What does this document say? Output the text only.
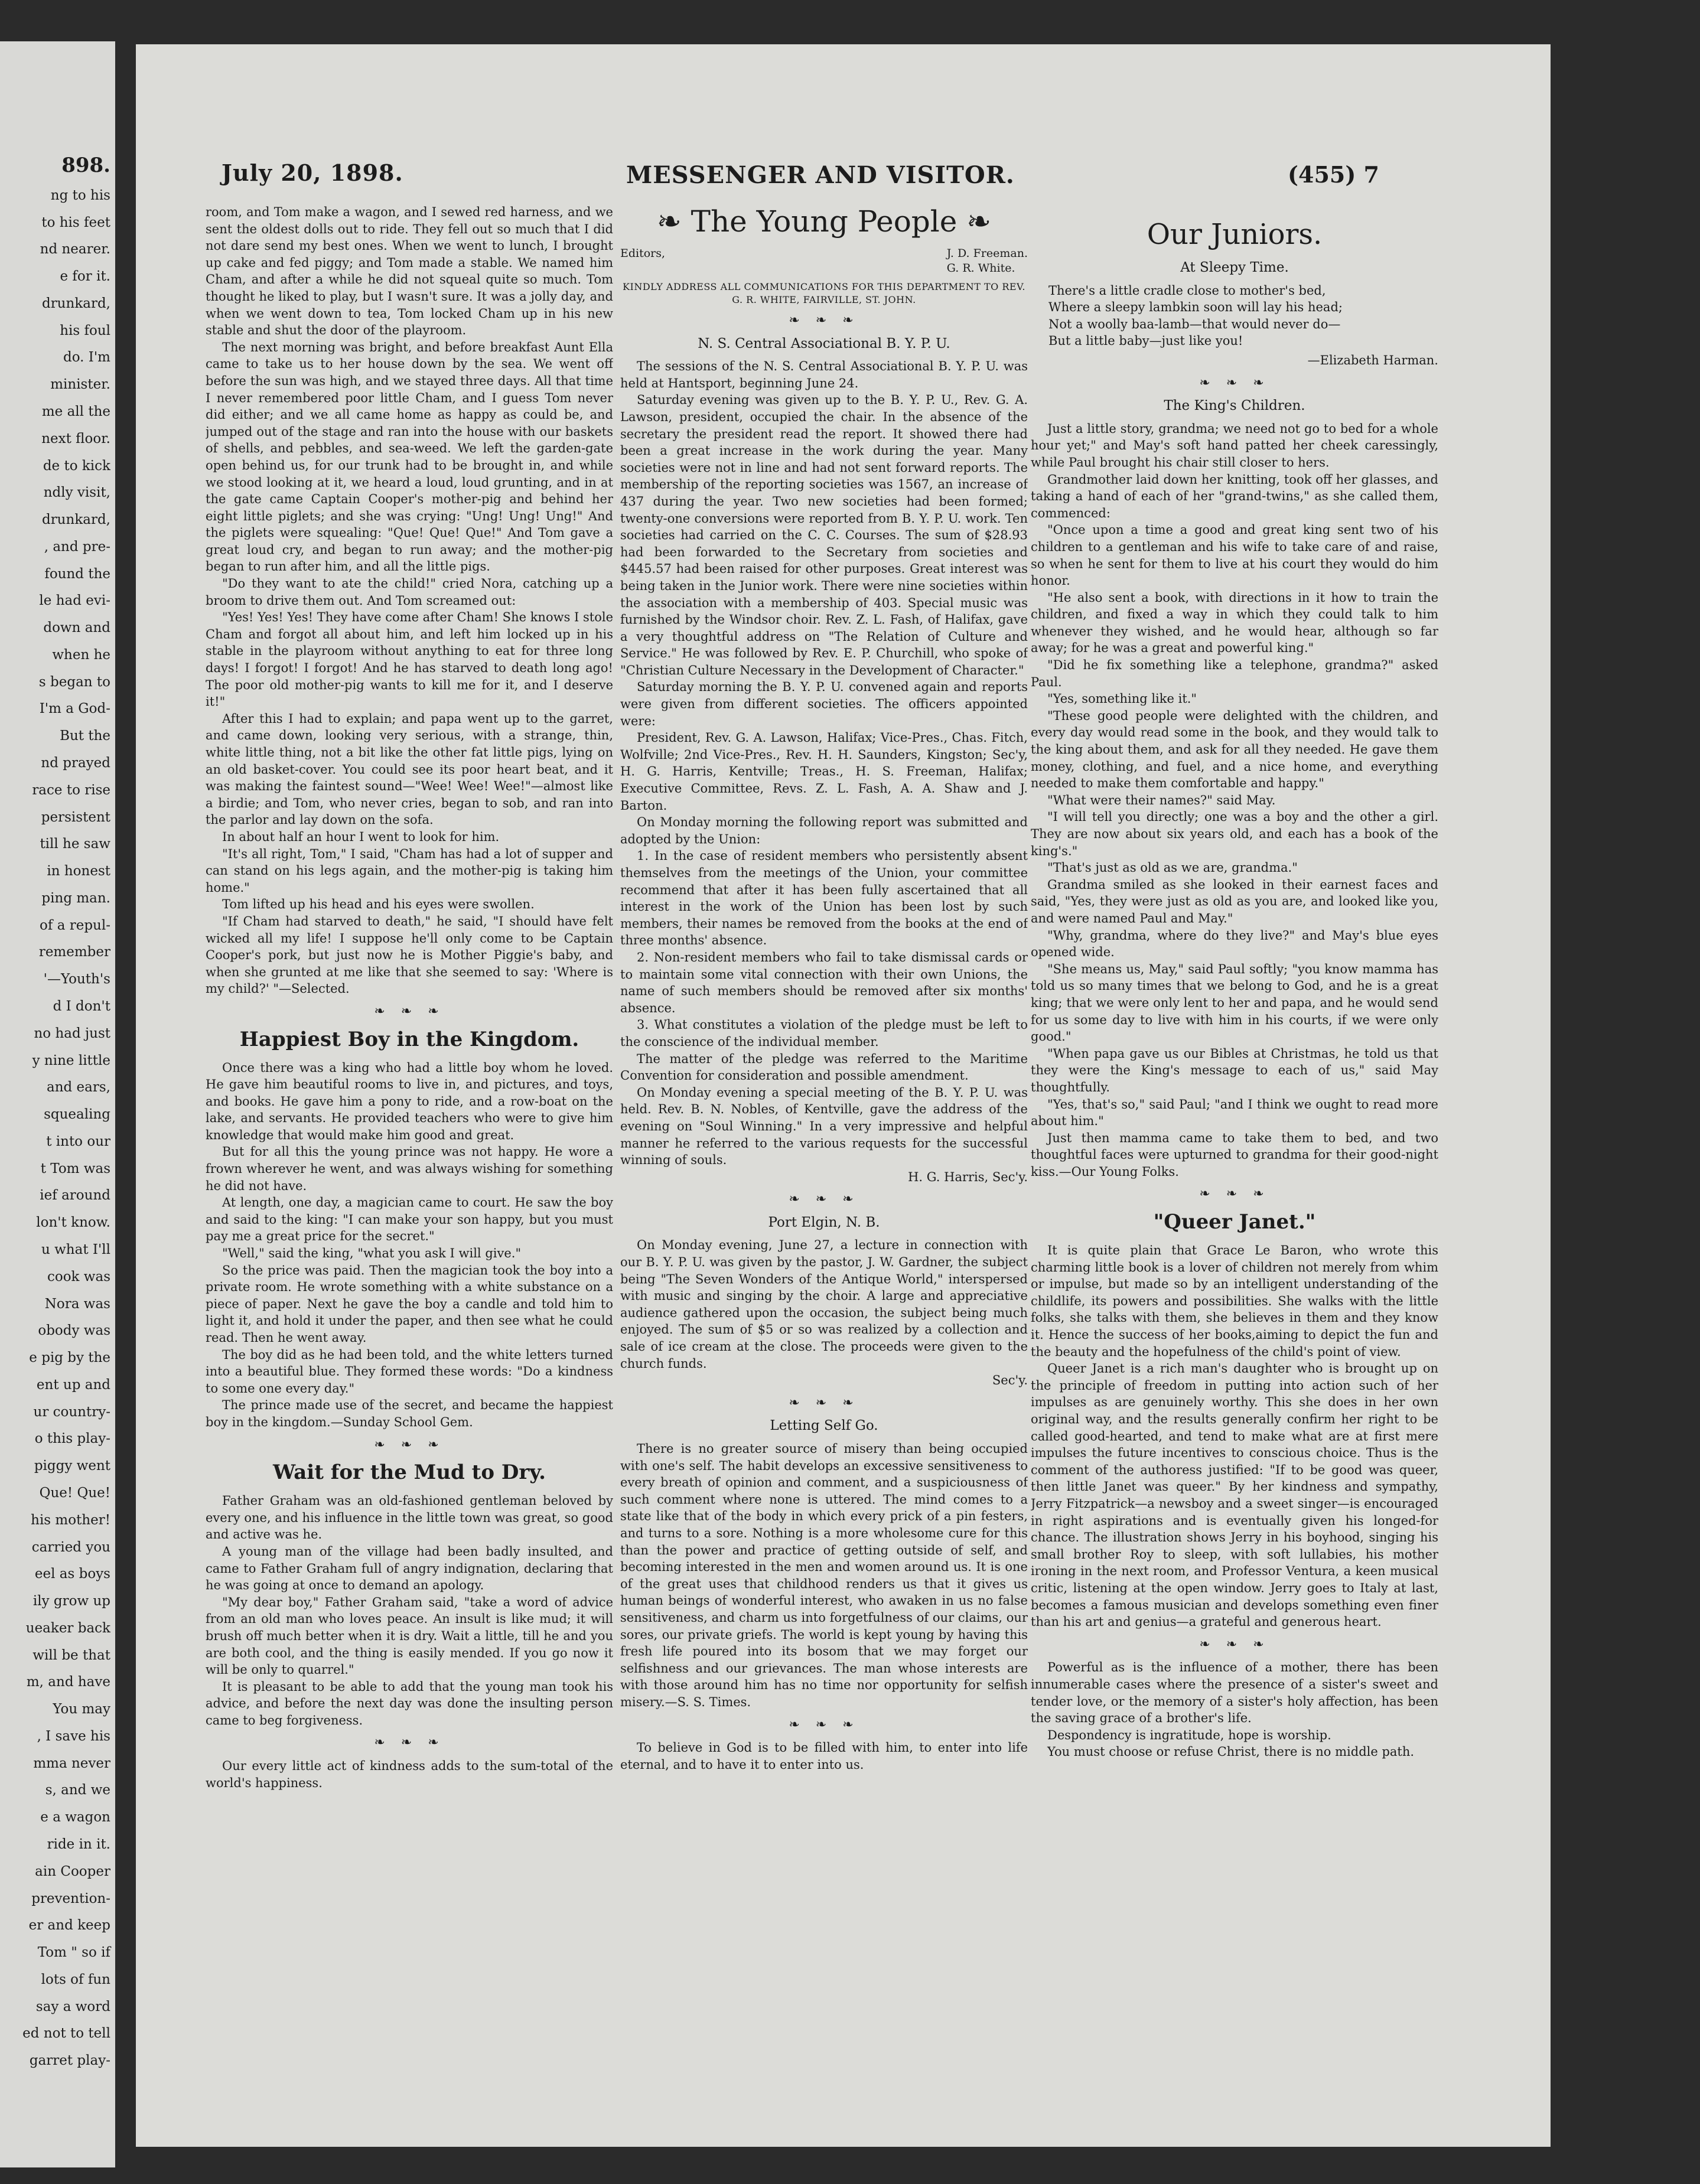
898.
ng to his
to his feet
nd nearer.
e for it.
drunkard,
his foul
do. I'm
minister.
me all the
next floor.
de to kick
ndly visit,
drunkard,
, and pre-
found the
le had evi-
down and
when he
s began to
I'm a God-
But the
nd prayed
race to rise
persistent
till he saw
in honest
ping man.
of a repul-
remember
'—Youth's
d I don't
no had just
y nine little
and ears,
squealing
t into our
t Tom was
ief around
lon't know.
u what I'll
cook was
Nora was
obody was
e pig by the
ent up and
ur country-
o this play-
piggy went
Que! Que!
his mother!
carried you
eel as boys
ily grow up
ueaker back
will be that
m, and have
You may
, I save his
mma never
s, and we
e a wagon
ride in it.
ain Cooper
prevention-
er and keep
Tom " so if
lots of fun
say a word
ed not to tell
garret play-
July 20, 1898.	MESSENGER AND VISITOR.	(455) 7

room, and Tom make a wagon, and I sewed red harness, and we sent the oldest dolls out to ride. They fell out so much that I did not dare send my best ones. When we went to lunch, I brought up cake and fed piggy; and Tom made a stable. We named him Cham, and after a while he did not squeal quite so much. Tom thought he liked to play, but I wasn't sure. It was a jolly day, and when we went down to tea, Tom locked Cham up in his new stable and shut the door of the playroom.

The next morning was bright, and before breakfast Aunt Ella came to take us to her house down by the sea. We went off before the sun was high, and we stayed three days. All that time I never remembered poor little Cham, and I guess Tom never did either; and we all came home as happy as could be, and jumped out of the stage and ran into the house with our baskets of shells, and pebbles, and sea-weed. We left the garden-gate open behind us, for our trunk had to be brought in, and while we stood looking at it, we heard a loud, loud grunting, and in at the gate came Captain Cooper's mother-pig and behind her eight little piglets; and she was crying: "Ung! Ung! Ung!" And the piglets were squealing: "Que! Que! Que!" And Tom gave a great loud cry, and began to run away; and the mother-pig began to run after him, and all the little pigs.

"Do they want to ate the child!" cried Nora, catching up a broom to drive them out. And Tom screamed out:

"Yes! Yes! Yes! They have come after Cham! She knows I stole Cham and forgot all about him, and left him locked up in his stable in the playroom without anything to eat for three long days! I forgot! I forgot! And he has starved to death long ago! The poor old mother-pig wants to kill me for it, and I deserve it!"

After this I had to explain; and papa went up to the garret, and came down, looking very serious, with a strange, thin, white little thing, not a bit like the other fat little pigs, lying on an old basket-cover. You could see its poor heart beat, and it was making the faintest sound—"Wee! Wee! Wee!"—almost like a birdie; and Tom, who never cries, began to sob, and ran into the parlor and lay down on the sofa.

In about half an hour I went to look for him.

"It's all right, Tom," I said, "Cham has had a lot of supper and can stand on his legs again, and the mother-pig is taking him home."

Tom lifted up his head and his eyes were swollen.

"If Cham had starved to death," he said, "I should have felt wicked all my life! I suppose he'll only come to be Captain Cooper's pork, but just now he is Mother Piggie's baby, and when she grunted at me like that she seemed to say: 'Where is my child?' "—Selected.

❧ ❧ ❧
Happiest Boy in the Kingdom.

Once there was a king who had a little boy whom he loved. He gave him beautiful rooms to live in, and pictures, and toys, and books. He gave him a pony to ride, and a row-boat on the lake, and servants. He provided teachers who were to give him knowledge that would make him good and great.

But for all this the young prince was not happy. He wore a frown wherever he went, and was always wishing for something he did not have.

At length, one day, a magician came to court. He saw the boy and said to the king: "I can make your son happy, but you must pay me a great price for the secret."

"Well," said the king, "what you ask I will give."

So the price was paid. Then the magician took the boy into a private room. He wrote something with a white substance on a piece of paper. Next he gave the boy a candle and told him to light it, and hold it under the paper, and then see what he could read. Then he went away.

The boy did as he had been told, and the white letters turned into a beautiful blue. They formed these words: "Do a kindness to some one every day."

The prince made use of the secret, and became the happiest boy in the kingdom.—Sunday School Gem.

❧ ❧ ❧
Wait for the Mud to Dry.

Father Graham was an old-fashioned gentleman beloved by every one, and his influence in the little town was great, so good and active was he.

A young man of the village had been badly insulted, and came to Father Graham full of angry indignation, declaring that he was going at once to demand an apology.

"My dear boy," Father Graham said, "take a word of advice from an old man who loves peace. An insult is like mud; it will brush off much better when it is dry. Wait a little, till he and you are both cool, and the thing is easily mended. If you go now it will be only to quarrel."

It is pleasant to be able to add that the young man took his advice, and before the next day was done the insulting person came to beg forgiveness.

❧ ❧ ❧

Our every little act of kindness adds to the sum-total of the world's happiness.

❧ The Young People ❧
Editors,	J. D. Freeman.
G. R. White.
KINDLY ADDRESS ALL COMMUNICATIONS FOR THIS DEPARTMENT TO REV. G. R. WHITE, FAIRVILLE, ST. JOHN.
❧ ❧ ❧
N. S. Central Associational B. Y. P. U.

The sessions of the N. S. Central Associational B. Y. P. U. was held at Hantsport, beginning June 24.

Saturday evening was given up to the B. Y. P. U., Rev. G. A. Lawson, president, occupied the chair. In the absence of the secretary the president read the report. It showed there had been a great increase in the work during the year. Many societies were not in line and had not sent forward reports. The membership of the reporting societies was 1567, an increase of 437 during the year. Two new societies had been formed; twenty-one conversions were reported from B. Y. P. U. work. Ten societies had carried on the C. C. Courses. The sum of $28.93 had been forwarded to the Secretary from societies and $445.57 had been raised for other purposes. Great interest was being taken in the Junior work. There were nine societies within the association with a membership of 403. Special music was furnished by the Windsor choir. Rev. Z. L. Fash, of Halifax, gave a very thoughtful address on "The Relation of Culture and Service." He was followed by Rev. E. P. Churchill, who spoke of "Christian Culture Necessary in the Development of Character."

Saturday morning the B. Y. P. U. convened again and reports were given from different societies. The officers appointed were:

President, Rev. G. A. Lawson, Halifax; Vice-Pres., Chas. Fitch, Wolfville; 2nd Vice-Pres., Rev. H. H. Saunders, Kingston; Sec'y, H. G. Harris, Kentville; Treas., H. S. Freeman, Halifax; Executive Committee, Revs. Z. L. Fash, A. A. Shaw and J. Barton.

On Monday morning the following report was submitted and adopted by the Union:

1. In the case of resident members who persistently absent themselves from the meetings of the Union, your committee recommend that after it has been fully ascertained that all interest in the work of the Union has been lost by such members, their names be removed from the books at the end of three months' absence.

2. Non-resident members who fail to take dismissal cards or to maintain some vital connection with their own Unions, the name of such members should be removed after six months' absence.

3. What constitutes a violation of the pledge must be left to the conscience of the individual member.

The matter of the pledge was referred to the Maritime Convention for consideration and possible amendment.

On Monday evening a special meeting of the B. Y. P. U. was held. Rev. B. N. Nobles, of Kentville, gave the address of the evening on "Soul Winning." In a very impressive and helpful manner he referred to the various requests for the successful winning of souls.

H. G. Harris, Sec'y.

❧ ❧ ❧
Port Elgin, N. B.

On Monday evening, June 27, a lecture in connection with our B. Y. P. U. was given by the pastor, J. W. Gardner, the subject being "The Seven Wonders of the Antique World," interspersed with music and singing by the choir. A large and appreciative audience gathered upon the occasion, the subject being much enjoyed. The sum of $5 or so was realized by a collection and sale of ice cream at the close. The proceeds were given to the church funds.

Sec'y.

❧ ❧ ❧
Letting Self Go.

There is no greater source of misery than being occupied with one's self. The habit develops an excessive sensitiveness to every breath of opinion and comment, and a suspiciousness of such comment where none is uttered. The mind comes to a state like that of the body in which every prick of a pin festers, and turns to a sore. Nothing is a more wholesome cure for this than the power and practice of getting outside of self, and becoming interested in the men and women around us. It is one of the great uses that childhood renders us that it gives us human beings of wonderful interest, who awaken in us no false sensitiveness, and charm us into forgetfulness of our claims, our sores, our private griefs. The world is kept young by having this fresh life poured into its bosom that we may forget our selfishness and our grievances. The man whose interests are with those around him has no time nor opportunity for selfish misery.—S. S. Times.

❧ ❧ ❧

To believe in God is to be filled with him, to enter into life eternal, and to have it to enter into us.

Our Juniors.
At Sleepy Time.
There's a little cradle close to mother's bed,
Where a sleepy lambkin soon will lay his head;
Not a woolly baa-lamb—that would never do—
But a little baby—just like you!

—Elizabeth Harman.

❧ ❧ ❧
The King's Children.

Just a little story, grandma; we need not go to bed for a whole hour yet;" and May's soft hand patted her cheek caressingly, while Paul brought his chair still closer to hers.

Grandmother laid down her knitting, took off her glasses, and taking a hand of each of her "grand-twins," as she called them, commenced:

"Once upon a time a good and great king sent two of his children to a gentleman and his wife to take care of and raise, so when he sent for them to live at his court they would do him honor.

"He also sent a book, with directions in it how to train the children, and fixed a way in which they could talk to him whenever they wished, and he would hear, although so far away; for he was a great and powerful king."

"Did he fix something like a telephone, grandma?" asked Paul.

"Yes, something like it."

"These good people were delighted with the children, and every day would read some in the book, and they would talk to the king about them, and ask for all they needed. He gave them money, clothing, and fuel, and a nice home, and everything needed to make them comfortable and happy."

"What were their names?" said May.

"I will tell you directly; one was a boy and the other a girl. They are now about six years old, and each has a book of the king's."

"That's just as old as we are, grandma."

Grandma smiled as she looked in their earnest faces and said, "Yes, they were just as old as you are, and looked like you, and were named Paul and May."

"Why, grandma, where do they live?" and May's blue eyes opened wide.

"She means us, May," said Paul softly; "you know mamma has told us so many times that we belong to God, and he is a great king; that we were only lent to her and papa, and he would send for us some day to live with him in his courts, if we were only good."

"When papa gave us our Bibles at Christmas, he told us that they were the King's message to each of us," said May thoughtfully.

"Yes, that's so," said Paul; "and I think we ought to read more about him."

Just then mamma came to take them to bed, and two thoughtful faces were upturned to grandma for their good-night kiss.—Our Young Folks.

❧ ❧ ❧
"Queer Janet."

It is quite plain that Grace Le Baron, who wrote this charming little book is a lover of children not merely from whim or impulse, but made so by an intelligent understanding of the childlife, its powers and possibilities. She walks with the little folks, she talks with them, she believes in them and they know it. Hence the success of her books,aiming to depict the fun and the beauty and the hopefulness of the child's point of view.

Queer Janet is a rich man's daughter who is brought up on the principle of freedom in putting into action such of her impulses as are genuinely worthy. This she does in her own original way, and the results generally confirm her right to be called good-hearted, and tend to make what are at first mere impulses the future incentives to conscious choice. Thus is the comment of the authoress justified: "If to be good was queer, then little Janet was queer." By her kindness and sympathy, Jerry Fitzpatrick—a newsboy and a sweet singer—is encouraged in right aspirations and is eventually given his longed-for chance. The illustration shows Jerry in his boyhood, singing his small brother Roy to sleep, with soft lullabies, his mother ironing in the next room, and Professor Ventura, a keen musical critic, listening at the open window. Jerry goes to Italy at last, becomes a famous musician and develops something even finer than his art and genius—a grateful and generous heart.

❧ ❧ ❧

Powerful as is the influence of a mother, there has been innumerable cases where the presence of a sister's sweet and tender love, or the memory of a sister's holy affection, has been the saving grace of a brother's life.

Despondency is ingratitude, hope is worship.

You must choose or refuse Christ, there is no middle path.
